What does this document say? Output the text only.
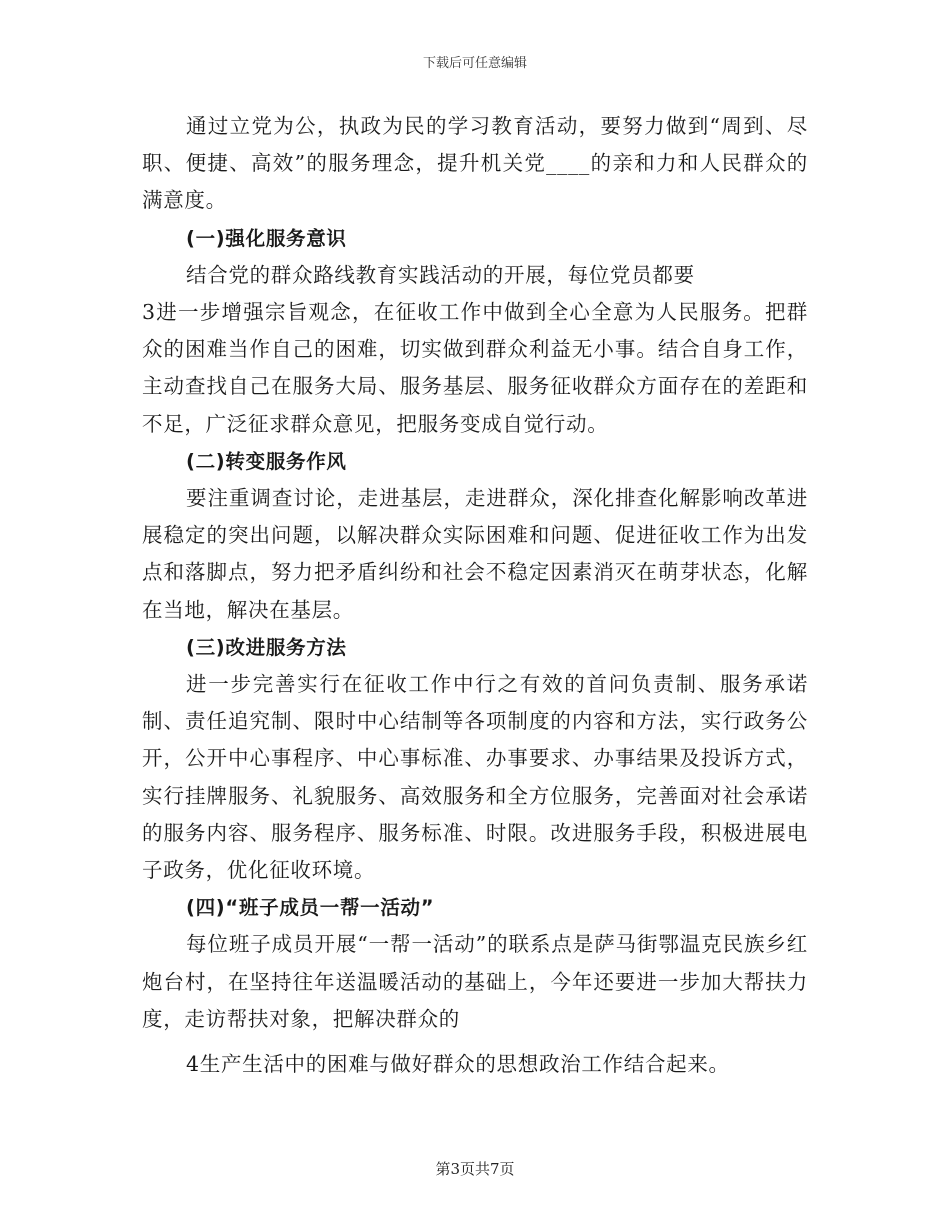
下载后可任意编辑

通过立党为公，执政为民的学习教育活动，要努力做到“周到、尽职、便捷、高效”的服务理念，提升机关党____的亲和力和人民群众的满意度。

(一)强化服务意识

结合党的群众路线教育实践活动的开展，每位党员都要

3进一步增强宗旨观念，在征收工作中做到全心全意为人民服务。把群众的困难当作自己的困难，切实做到群众利益无小事。结合自身工作，主动查找自己在服务大局、服务基层、服务征收群众方面存在的差距和不足，广泛征求群众意见，把服务变成自觉行动。

(二)转变服务作风

要注重调查讨论，走进基层，走进群众，深化排查化解影响改革进展稳定的突出问题，以解决群众实际困难和问题、促进征收工作为出发点和落脚点，努力把矛盾纠纷和社会不稳定因素消灭在萌芽状态，化解在当地，解决在基层。

(三)改进服务方法

进一步完善实行在征收工作中行之有效的首问负责制、服务承诺制、责任追究制、限时中心结制等各项制度的内容和方法，实行政务公开，公开中心事程序、中心事标准、办事要求、办事结果及投诉方式，实行挂牌服务、礼貌服务、高效服务和全方位服务，完善面对社会承诺的服务内容、服务程序、服务标准、时限。改进服务手段，积极进展电子政务，优化征收环境。

(四)“班子成员一帮一活动”

每位班子成员开展“一帮一活动”的联系点是萨马街鄂温克民族乡红炮台村，在坚持往年送温暖活动的基础上，今年还要进一步加大帮扶力度，走访帮扶对象，把解决群众的

4生产生活中的困难与做好群众的思想政治工作结合起来。

第3页共7页
